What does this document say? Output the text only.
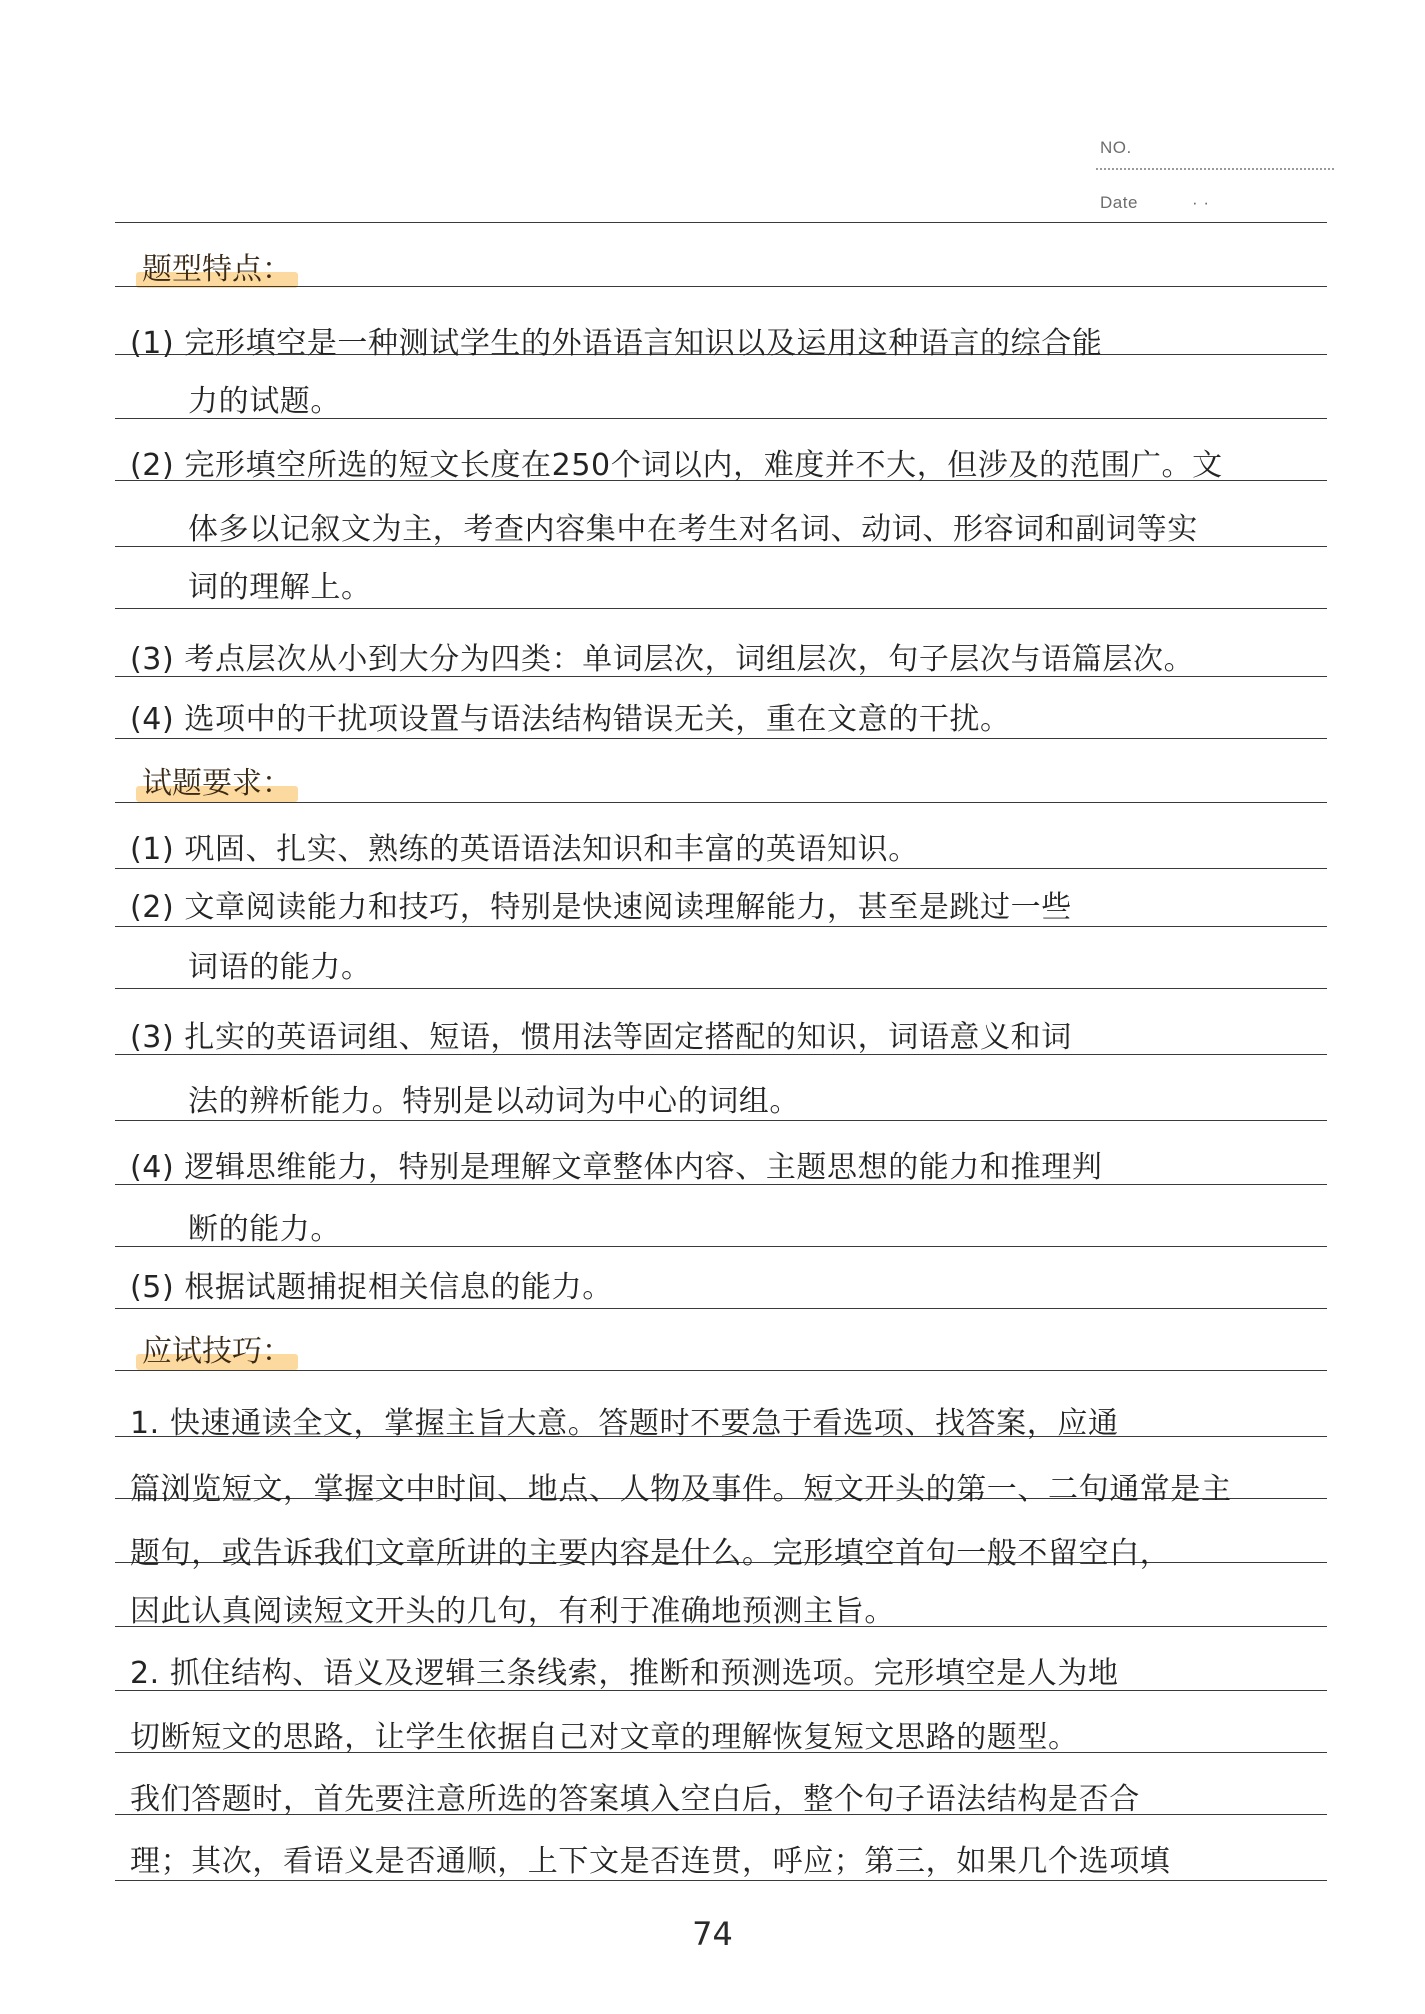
NO.
Date	· ·
题型特点：
(1) 完形填空是一种测试学生的外语语言知识以及运用这种语言的综合能
力的试题。
(2) 完形填空所选的短文长度在250个词以内，难度并不大，但涉及的范围广。文
体多以记叙文为主，考查内容集中在考生对名词、动词、形容词和副词等实
词的理解上。
(3) 考点层次从小到大分为四类：单词层次，词组层次，句子层次与语篇层次。
(4) 选项中的干扰项设置与语法结构错误无关，重在文意的干扰。
试题要求：
(1) 巩固、扎实、熟练的英语语法知识和丰富的英语知识。
(2) 文章阅读能力和技巧，特别是快速阅读理解能力，甚至是跳过一些
词语的能力。
(3) 扎实的英语词组、短语，惯用法等固定搭配的知识，词语意义和词
法的辨析能力。特别是以动词为中心的词组。
(4) 逻辑思维能力，特别是理解文章整体内容、主题思想的能力和推理判
断的能力。
(5) 根据试题捕捉相关信息的能力。
应试技巧：
1. 快速通读全文，掌握主旨大意。答题时不要急于看选项、找答案，应通
篇浏览短文，掌握文中时间、地点、人物及事件。短文开头的第一、二句通常是主
题句，或告诉我们文章所讲的主要内容是什么。完形填空首句一般不留空白，
因此认真阅读短文开头的几句，有利于准确地预测主旨。
2. 抓住结构、语义及逻辑三条线索，推断和预测选项。完形填空是人为地
切断短文的思路，让学生依据自己对文章的理解恢复短文思路的题型。
我们答题时，首先要注意所选的答案填入空白后，整个句子语法结构是否合
理；其次，看语义是否通顺，上下文是否连贯，呼应；第三，如果几个选项填
74
